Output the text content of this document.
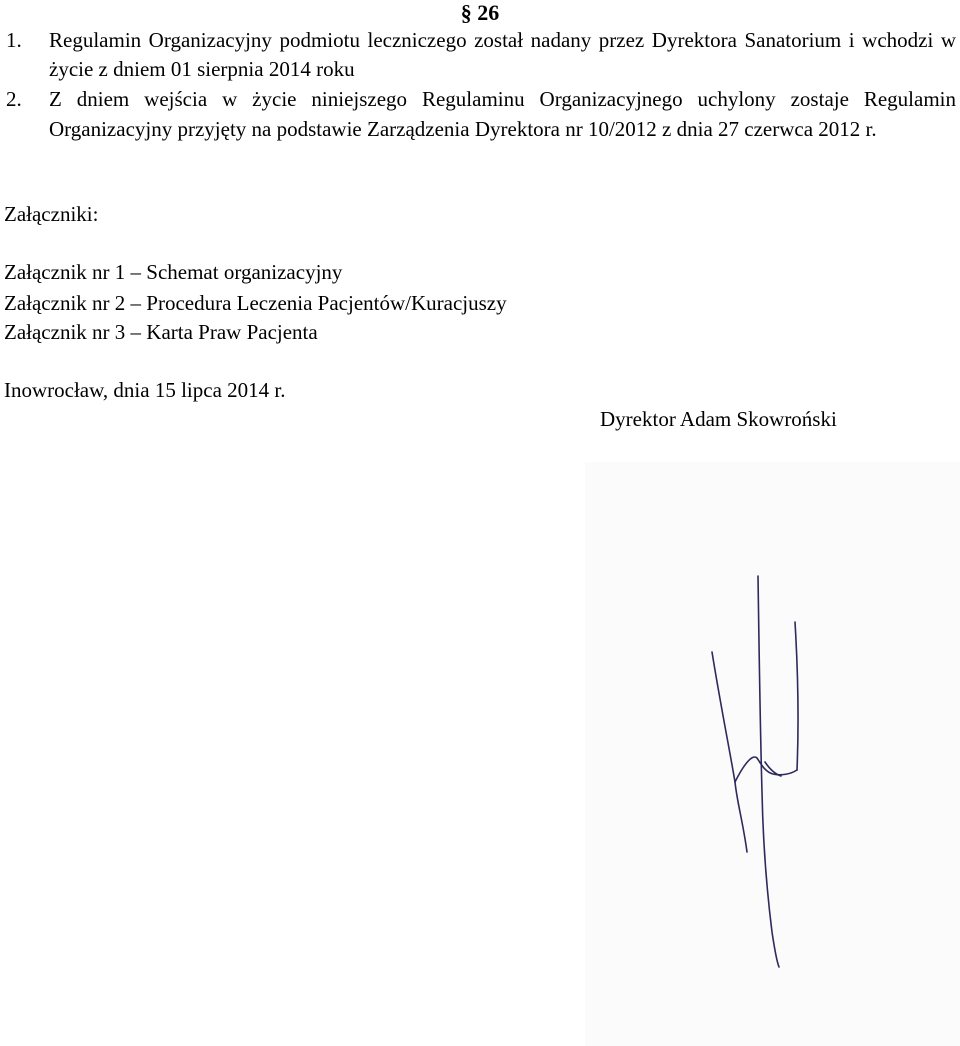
§ 26
1. Regulamin Organizacyjny podmiotu leczniczego został nadany przez Dyrektora Sanatorium i wchodzi w życie z dniem 01 sierpnia 2014 roku
2. Z dniem wejścia w życie niniejszego Regulaminu Organizacyjnego uchylony zostaje Regulamin Organizacyjny przyjęty na podstawie Zarządzenia Dyrektora nr 10/2012 z dnia 27 czerwca 2012 r.
Załączniki:
Załącznik nr 1 – Schemat organizacyjny
Załącznik nr 2 – Procedura Leczenia Pacjentów/Kuracjuszy
Załącznik nr 3 – Karta Praw Pacjenta
Inowrocław, dnia 15 lipca 2014 r.
Dyrektor Adam Skowroński
